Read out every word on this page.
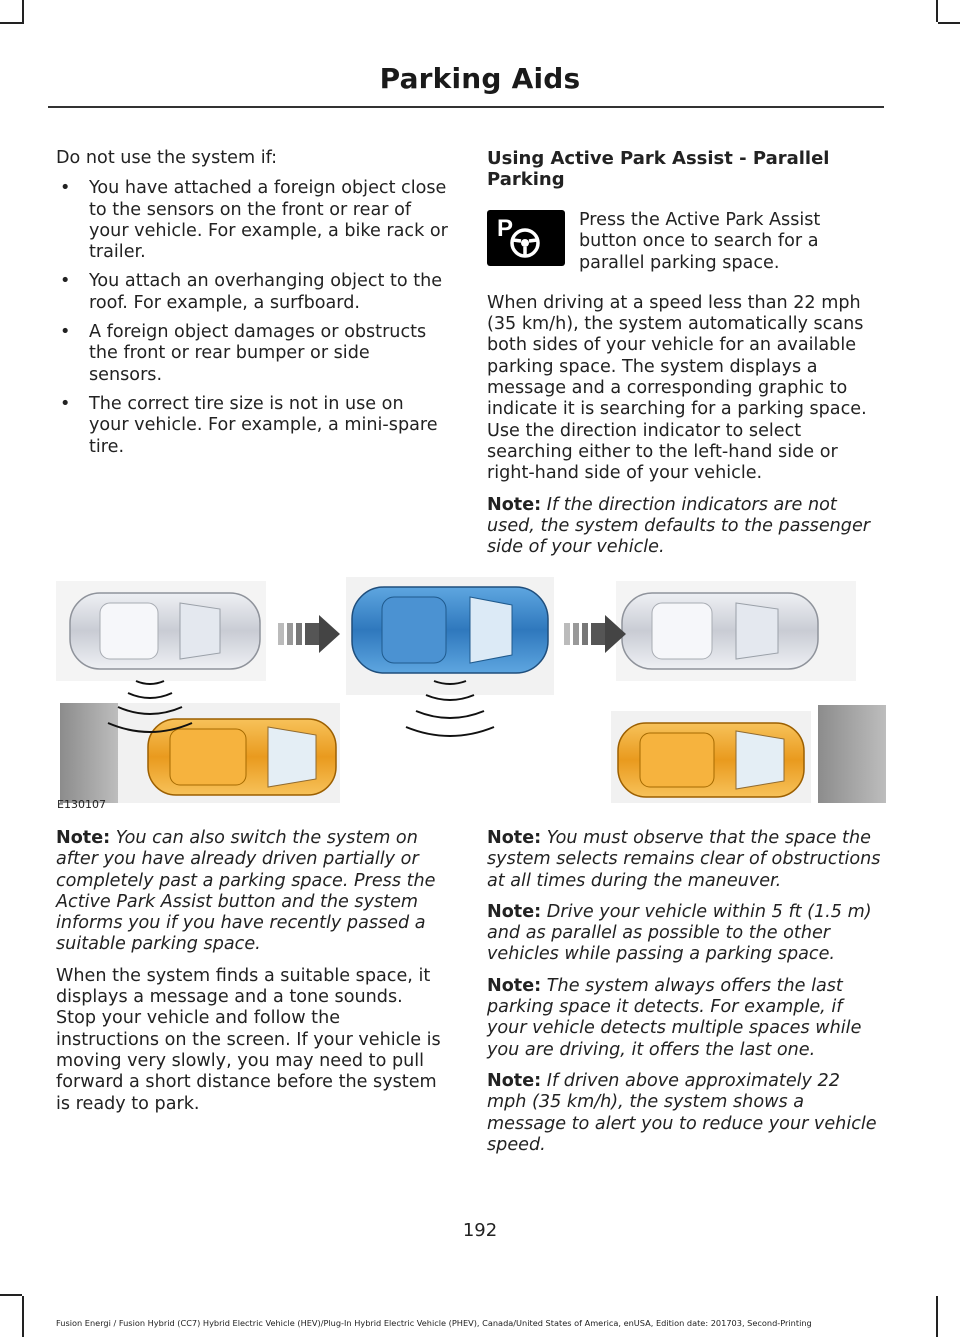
Parking Aids

Do not use the system if:

• You have attached a foreign object close to the sensors on the front or rear of your vehicle. For example, a bike rack or trailer.
• You attach an overhanging object to the roof. For example, a surfboard.
• A foreign object damages or obstructs the front or rear bumper or side sensors.
• The correct tire size is not in use on your vehicle. For example, a mini-spare tire.
Using Active Park Assist - Parallel Parking
P	Press the Active Park Assist button once to search for a parallel parking space.

When driving at a speed less than 22 mph (35 km/h), the system automatically scans both sides of your vehicle for an available parking space. The system displays a message and a corresponding graphic to indicate it is searching for a parking space. Use the direction indicator to select searching either to the left-hand side or right-hand side of your vehicle.

Note: If the direction indicators are not used, the system defaults to the passenger side of your vehicle.

E130107

Note: You can also switch the system on after you have already driven partially or completely past a parking space. Press the Active Park Assist button and the system informs you if you have recently passed a suitable parking space.

When the system finds a suitable space, it displays a message and a tone sounds. Stop your vehicle and follow the instructions on the screen. If your vehicle is moving very slowly, you may need to pull forward a short distance before the system is ready to park.

Note: You must observe that the space the system selects remains clear of obstructions at all times during the maneuver.

Note: Drive your vehicle within 5 ft (1.5 m) and as parallel as possible to the other vehicles while passing a parking space.

Note: The system always offers the last parking space it detects. For example, if your vehicle detects multiple spaces while you are driving, it offers the last one.

Note: If driven above approximately 22 mph (35 km/h), the system shows a message to alert you to reduce your vehicle speed.

192
Fusion Energi / Fusion Hybrid (CC7) Hybrid Electric Vehicle (HEV)/Plug-In Hybrid Electric Vehicle (PHEV), Canada/United States of America, enUSA, Edition date: 201703, Second-Printing
